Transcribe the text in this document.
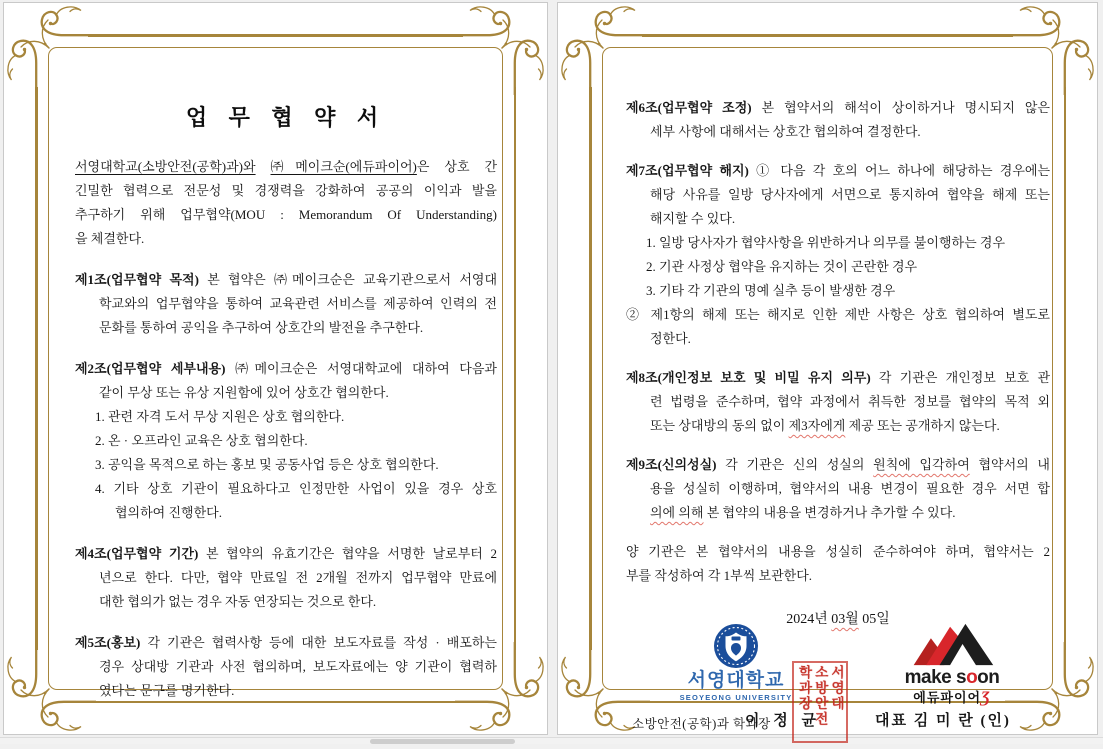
업 무 협 약 서
서영대학교(소방안전(공학)과)와 ㈜메이크순(에듀파이어)은 상호 간
긴밀한 협력으로 전문성 및 경쟁력을 강화하여 공공의 이익과 발을
추구하기 위해 업무협약(MOU : Memorandum Of Understanding)
을 체결한다.
제1조(업무협약 목적) 본 협약은 ㈜메이크순은 교육기관으로서 서영대
학교와의 업무협약을 통하여 교육관련 서비스를 제공하여 인력의 전
문화를 통하여 공익을 추구하여 상호간의 발전을 추구한다.
제2조(업무협약 세부내용) ㈜메이크순은 서영대학교에 대하여 다음과
같이 무상 또는 유상 지원함에 있어 상호간 협의한다.
1. 관련 자격 도서 무상 지원은 상호 협의한다.
2. 온 · 오프라인 교육은 상호 협의한다.
3. 공익을 목적으로 하는 홍보 및 공동사업 등은 상호 협의한다.
4. 기타 상호 기관이 필요하다고 인정만한 사업이 있을 경우 상호
협의하여 진행한다.
제4조(업무협약 기간) 본 협약의 유효기간은 협약을 서명한 날로부터 2
년으로 한다. 다만, 협약 만료일 전 2개월 전까지 업무협약 만료에
대한 협의가 없는 경우 자동 연장되는 것으로 한다.
제5조(홍보) 각 기관은 협력사항 등에 대한 보도자료를 작성 · 배포하는
경우 상대방 기관과 사전 협의하며, 보도자료에는 양 기관이 협력하
였다는 문구를 명기한다.
제6조(업무협약 조정) 본 협약서의 해석이 상이하거나 명시되지 않은
세부 사항에 대해서는 상호간 협의하여 결정한다.
제7조(업무협약 해지) ① 다음 각 호의 어느 하나에 해당하는 경우에는
해당 사유를 일방 당사자에게 서면으로 통지하여 협약을 해제 또는
해지할 수 있다.
1. 일방 당사자가 협약사항을 위반하거나 의무를 불이행하는 경우
2. 기관 사정상 협약을 유지하는 것이 곤란한 경우
3. 기타 각 기관의 명예 실추 등이 발생한 경우
② 제1항의 해제 또는 해지로 인한 제반 사항은 상호 협의하여 별도로
정한다.
제8조(개인정보 보호 및 비밀 유지 의무) 각 기관은 개인정보 보호 관
련 법령을 준수하며, 협약 과정에서 취득한 정보를 협약의 목적 외
또는 상대방의 동의 없이 제3자에게 제공 또는 공개하지 않는다.
제9조(신의성실) 각 기관은 신의 성실의 원칙에 입각하여 협약서의 내
용을 성실히 이행하며, 협약서의 내용 변경이 필요한 경우 서면 합
의에 의해 본 협약의 내용을 변경하거나 추가할 수 있다.
양 기관은 본 협약서의 내용을 성실히 준수하여야 하며, 협약서는 2
부를 작성하여 각 1부씩 보관한다.
2024년 03월 05일
서영대학교
SEOYEONG UNIVERSITY	서영대
소방안전
학과장	make soon
에듀파이어Ʒ
소방안전(공학)과 학과장
이 정 균	대표 김 미 란 (인)
